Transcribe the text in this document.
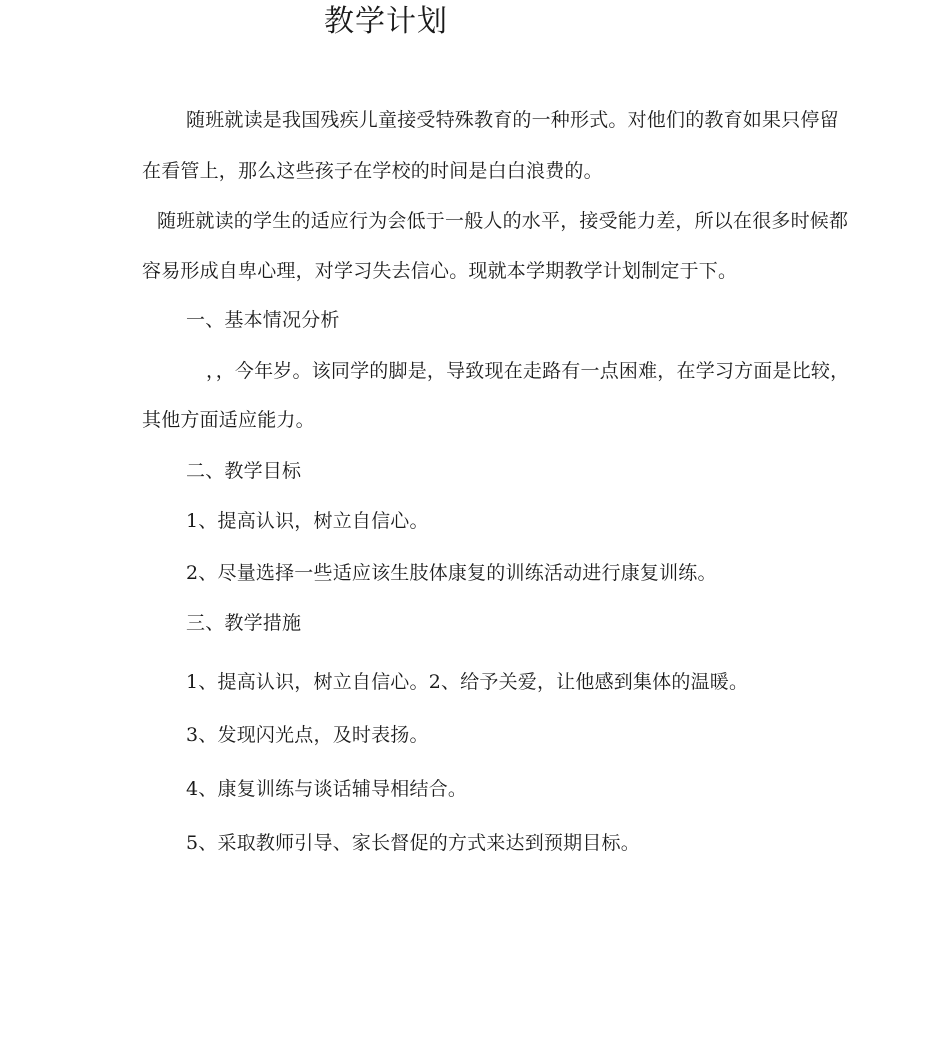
教学计划
随班就读是我国残疾儿童接受特殊教育的一种形式。对他们的教育如果只停留
在看管上，那么这些孩子在学校的时间是白白浪费的。
随班就读的学生的适应行为会低于一般人的水平，接受能力差，所以在很多时候都
容易形成自卑心理，对学习失去信心。现就本学期教学计划制定于下。
一、基本情况分析
，，今年岁。该同学的脚是，导致现在走路有一点困难，在学习方面是比较，
其他方面适应能力。
二、教学目标
1、提高认识，树立自信心。
2、尽量选择一些适应该生肢体康复的训练活动进行康复训练。
三、教学措施
1、提高认识，树立自信心。2、给予关爱，让他感到集体的温暖。
3、发现闪光点，及时表扬。
4、康复训练与谈话辅导相结合。
5、采取教师引导、家长督促的方式来达到预期目标。
